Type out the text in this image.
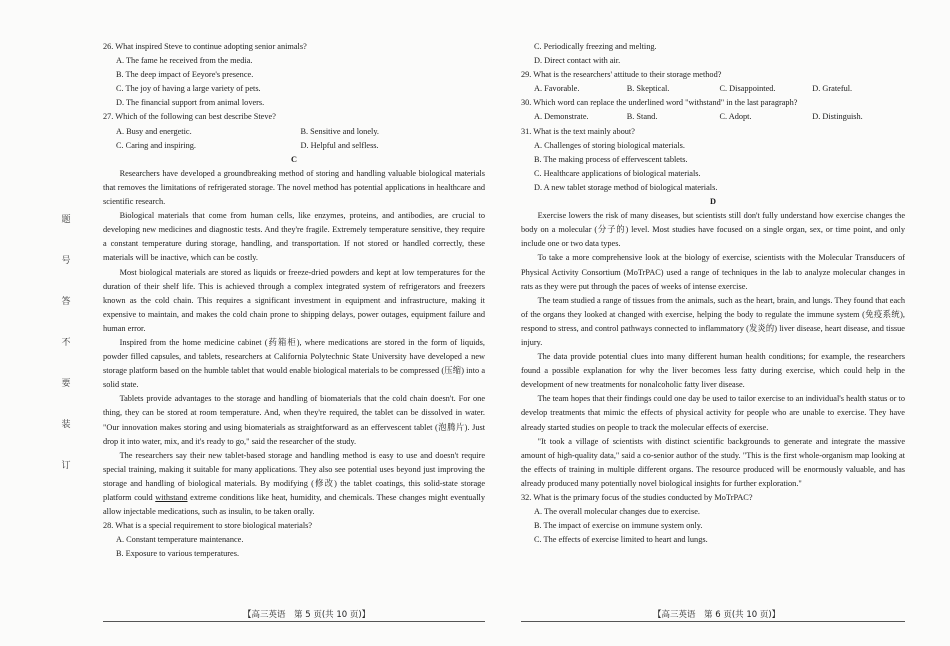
题
号
答
不
要
装
订

26. What inspired Steve to continue adopting senior animals?

A. The fame he received from the media.

B. The deep impact of Eeyore's presence.

C. The joy of having a large variety of pets.

D. The financial support from animal lovers.

27. Which of the following can best describe Steve?

A. Busy and energetic.	B. Sensitive and lonely.
C. Caring and inspiring.	D. Helpful and selfless.

C

Researchers have developed a groundbreaking method of storing and handling valuable biological materials that removes the limitations of refrigerated storage. The novel method has potential applications in healthcare and scientific research.

Biological materials that come from human cells, like enzymes, proteins, and antibodies, are crucial to developing new medicines and diagnostic tests. And they're fragile. Extremely temperature sensitive, they require a constant temperature during storage, handling, and transportation. If not stored or handled correctly, these materials will be inactive, which can be costly.

Most biological materials are stored as liquids or freeze-dried powders and kept at low temperatures for the duration of their shelf life. This is achieved through a complex integrated system of refrigerators and freezers known as the cold chain. This requires a significant investment in equipment and infrastructure, making it expensive to maintain, and makes the cold chain prone to shipping delays, power outages, equipment failure and human error.

Inspired from the home medicine cabinet (药箱柜), where medications are stored in the form of liquids, powder filled capsules, and tablets, researchers at California Polytechnic State University have developed a new storage platform based on the humble tablet that would enable biological materials to be compressed (压缩) into a solid state.

Tablets provide advantages to the storage and handling of biomaterials that the cold chain doesn't. For one thing, they can be stored at room temperature. And, when they're required, the tablet can be dissolved in water. "Our innovation makes storing and using biomaterials as straightforward as an effervescent tablet (泡腾片). Just drop it into water, mix, and it's ready to go," said the researcher of the study.

The researchers say their new tablet-based storage and handling method is easy to use and doesn't require special training, making it suitable for many applications. They also see potential uses beyond just improving the storage and handling of biological materials. By modifying (修改) the tablet coatings, this solid-state storage platform could withstand extreme conditions like heat, humidity, and chemicals. These changes might eventually allow injectable medications, such as insulin, to be taken orally.

28. What is a special requirement to store biological materials?

A. Constant temperature maintenance.

B. Exposure to various temperatures.

C. Periodically freezing and melting.

D. Direct contact with air.

29. What is the researchers' attitude to their storage method?

A. Favorable.	B. Skeptical.	C. Disappointed.	D. Grateful.

30. Which word can replace the underlined word "withstand" in the last paragraph?

A. Demonstrate.	B. Stand.	C. Adopt.	D. Distinguish.

31. What is the text mainly about?

A. Challenges of storing biological materials.

B. The making process of effervescent tablets.

C. Healthcare applications of biological materials.

D. A new tablet storage method of biological materials.

D

Exercise lowers the risk of many diseases, but scientists still don't fully understand how exercise changes the body on a molecular (分子的) level. Most studies have focused on a single organ, sex, or time point, and only include one or two data types.

To take a more comprehensive look at the biology of exercise, scientists with the Molecular Transducers of Physical Activity Consortium (MoTrPAC) used a range of techniques in the lab to analyze molecular changes in rats as they were put through the paces of weeks of intense exercise.

The team studied a range of tissues from the animals, such as the heart, brain, and lungs. They found that each of the organs they looked at changed with exercise, helping the body to regulate the immune system (免疫系统), respond to stress, and control pathways connected to inflammatory (发炎的) liver disease, heart disease, and tissue injury.

The data provide potential clues into many different human health conditions; for example, the researchers found a possible explanation for why the liver becomes less fatty during exercise, which could help in the development of new treatments for nonalcoholic fatty liver disease.

The team hopes that their findings could one day be used to tailor exercise to an individual's health status or to develop treatments that mimic the effects of physical activity for people who are unable to exercise. They have already started studies on people to track the molecular effects of exercise.

"It took a village of scientists with distinct scientific backgrounds to generate and integrate the massive amount of high-quality data," said a co-senior author of the study. "This is the first whole-organism map looking at the effects of training in multiple different organs. The resource produced will be enormously valuable, and has already produced many potentially novel biological insights for further exploration."

32. What is the primary focus of the studies conducted by MoTrPAC?

A. The overall molecular changes due to exercise.

B. The impact of exercise on immune system only.

C. The effects of exercise limited to heart and lungs.

【高三英语　第 5 页(共 10 页)】	【高三英语　第 6 页(共 10 页)】
